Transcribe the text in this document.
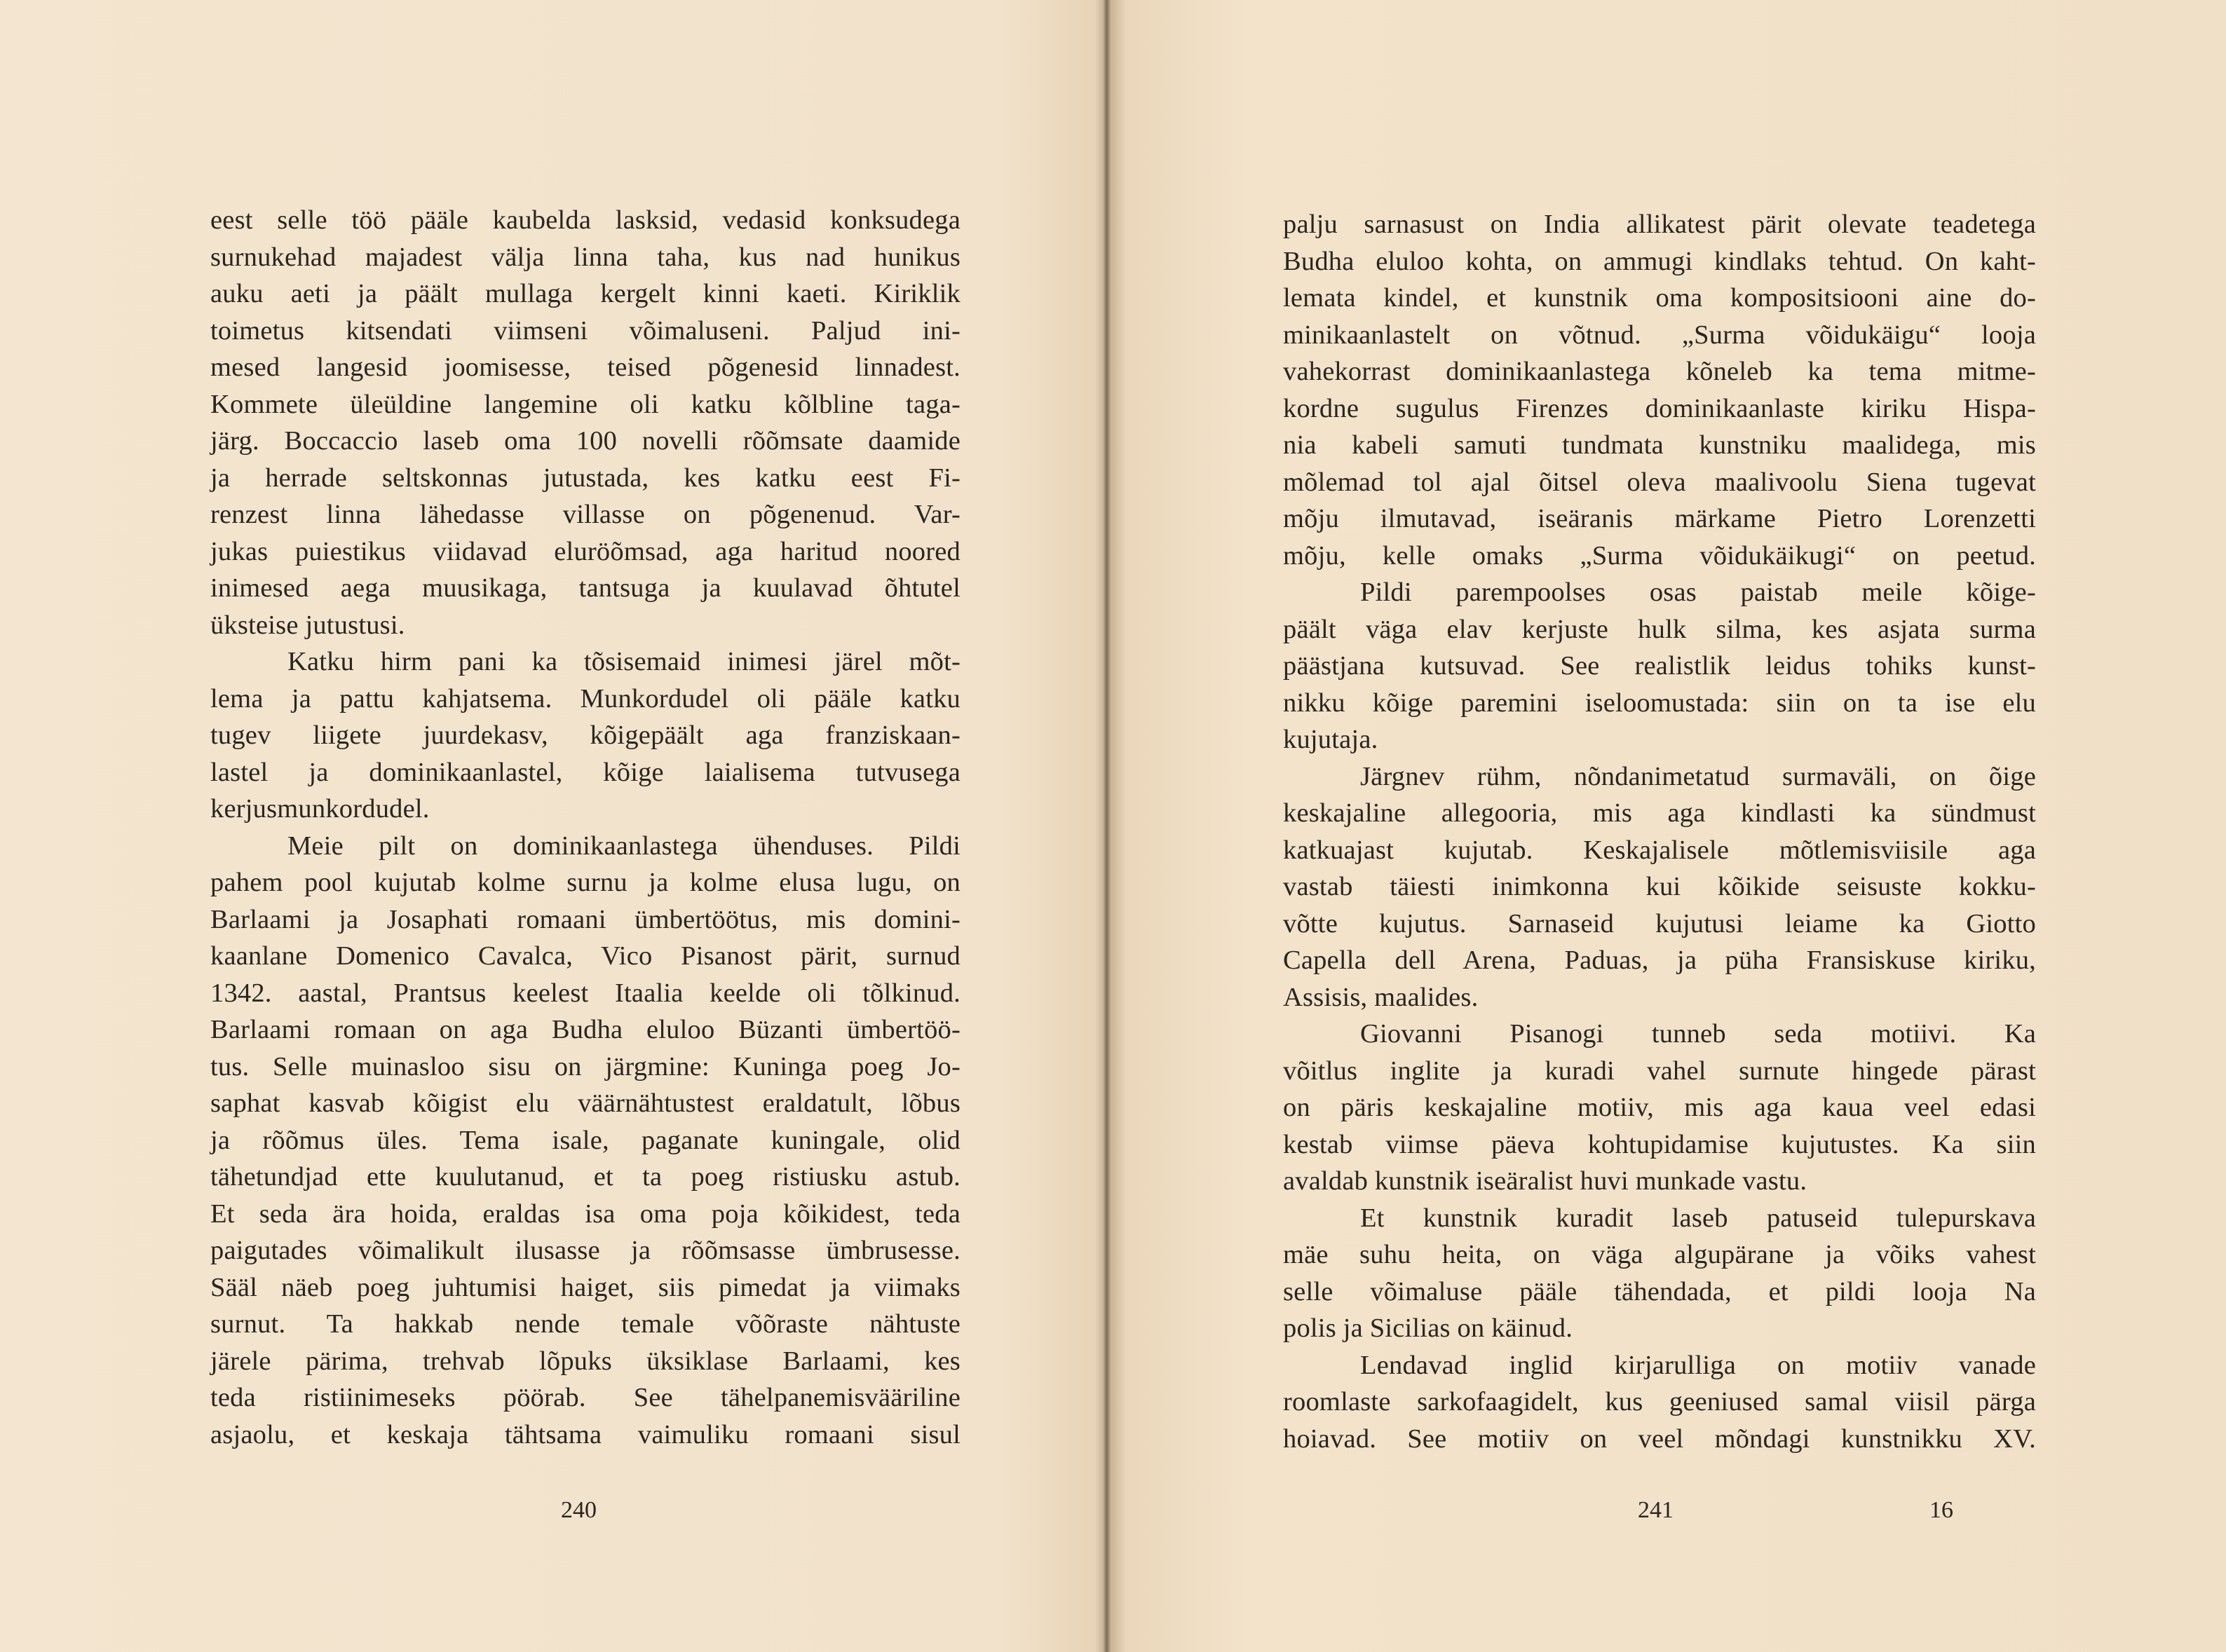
eest selle töö pääle kaubelda lasksid, vedasid konksudega
surnukehad majadest välja linna taha, kus nad hunikus
auku aeti ja päält mullaga kergelt kinni kaeti. Kiriklik
toimetus kitsendati viimseni võimaluseni. Paljud ini-
mesed langesid joomisesse, teised põgenesid linnadest.
Kommete üleüldine langemine oli katku kõlbline taga-
järg. Boccaccio laseb oma 100 novelli rõõmsate daamide
ja herrade seltskonnas jutustada, kes katku eest Fi-
renzest linna lähedasse villasse on põgenenud. Var-
jukas puiestikus viidavad eluröõmsad, aga haritud noored
inimesed aega muusikaga, tantsuga ja kuulavad õhtutel
üksteise jutustusi.
Katku hirm pani ka tõsisemaid inimesi järel mõt-
lema ja pattu kahjatsema. Munkordudel oli pääle katku
tugev liigete juurdekasv, kõigepäält aga franziskaan-
lastel ja dominikaanlastel, kõige laialisema tutvusega
kerjusmunkordudel.
Meie pilt on dominikaanlastega ühenduses. Pildi
pahem pool kujutab kolme surnu ja kolme elusa lugu, on
Barlaami ja Josaphati romaani ümbertöötus, mis domini-
kaanlane Domenico Cavalca, Vico Pisanost pärit, surnud
1342. aastal, Prantsus keelest Itaalia keelde oli tõlkinud.
Barlaami romaan on aga Budha eluloo Büzanti ümbertöö-
tus. Selle muinasloo sisu on järgmine: Kuninga poeg Jo-
saphat kasvab kõigist elu väärnähtustest eraldatult, lõbus
ja rõõmus üles. Tema isale, paganate kuningale, olid
tähetundjad ette kuulutanud, et ta poeg ristiusku astub.
Et seda ära hoida, eraldas isa oma poja kõikidest, teda
paigutades võimalikult ilusasse ja rõõmsasse ümbrusesse.
Sääl näeb poeg juhtumisi haiget, siis pimedat ja viimaks
surnut. Ta hakkab nende temale võõraste nähtuste
järele pärima, trehvab lõpuks üksiklase Barlaami, kes
teda ristiinimeseks pöörab. See tähelpanemisvääriline
asjaolu, et keskaja tähtsama vaimuliku romaani sisul
240
palju sarnasust on India allikatest pärit olevate teadetega
Budha eluloo kohta, on ammugi kindlaks tehtud. On kaht-
lemata kindel, et kunstnik oma kompositsiooni aine do-
minikaanlastelt on võtnud. „Surma võidukäigu“ looja
vahekorrast dominikaanlastega kõneleb ka tema mitme-
kordne sugulus Firenzes dominikaanlaste kiriku Hispa-
nia kabeli samuti tundmata kunstniku maalidega, mis
mõlemad tol ajal õitsel oleva maalivoolu Siena tugevat
mõju ilmutavad, iseäranis märkame Pietro Lorenzetti
mõju, kelle omaks „Surma võidukäikugi“ on peetud.
Pildi parempoolses osas paistab meile kõige-
päält väga elav kerjuste hulk silma, kes asjata surma
päästjana kutsuvad. See realistlik leidus tohiks kunst-
nikku kõige paremini iseloomustada: siin on ta ise elu
kujutaja.
Järgnev rühm, nõndanimetatud surmaväli, on õige
keskajaline allegooria, mis aga kindlasti ka sündmust
katkuajast kujutab. Keskajalisele mõtlemisviisile aga
vastab täiesti inimkonna kui kõikide seisuste kokku-
võtte kujutus. Sarnaseid kujutusi leiame ka Giotto
Capella dell Arena, Paduas, ja püha Fransiskuse kiriku,
Assisis, maalides.
Giovanni Pisanogi tunneb seda motiivi. Ka
võitlus inglite ja kuradi vahel surnute hingede pärast
on päris keskajaline motiiv, mis aga kaua veel edasi
kestab viimse päeva kohtupidamise kujutustes. Ka siin
avaldab kunstnik iseäralist huvi munkade vastu.
Et kunstnik kuradit laseb patuseid tulepurskava
mäe suhu heita, on väga algupärane ja võiks vahest
selle võimaluse pääle tähendada, et pildi looja Na
polis ja Sicilias on käinud.
Lendavad inglid kirjarulliga on motiiv vanade
roomlaste sarkofaagidelt, kus geeniused samal viisil pärga
hoiavad. See motiiv on veel mõndagi kunstnikku XV.
241	16
